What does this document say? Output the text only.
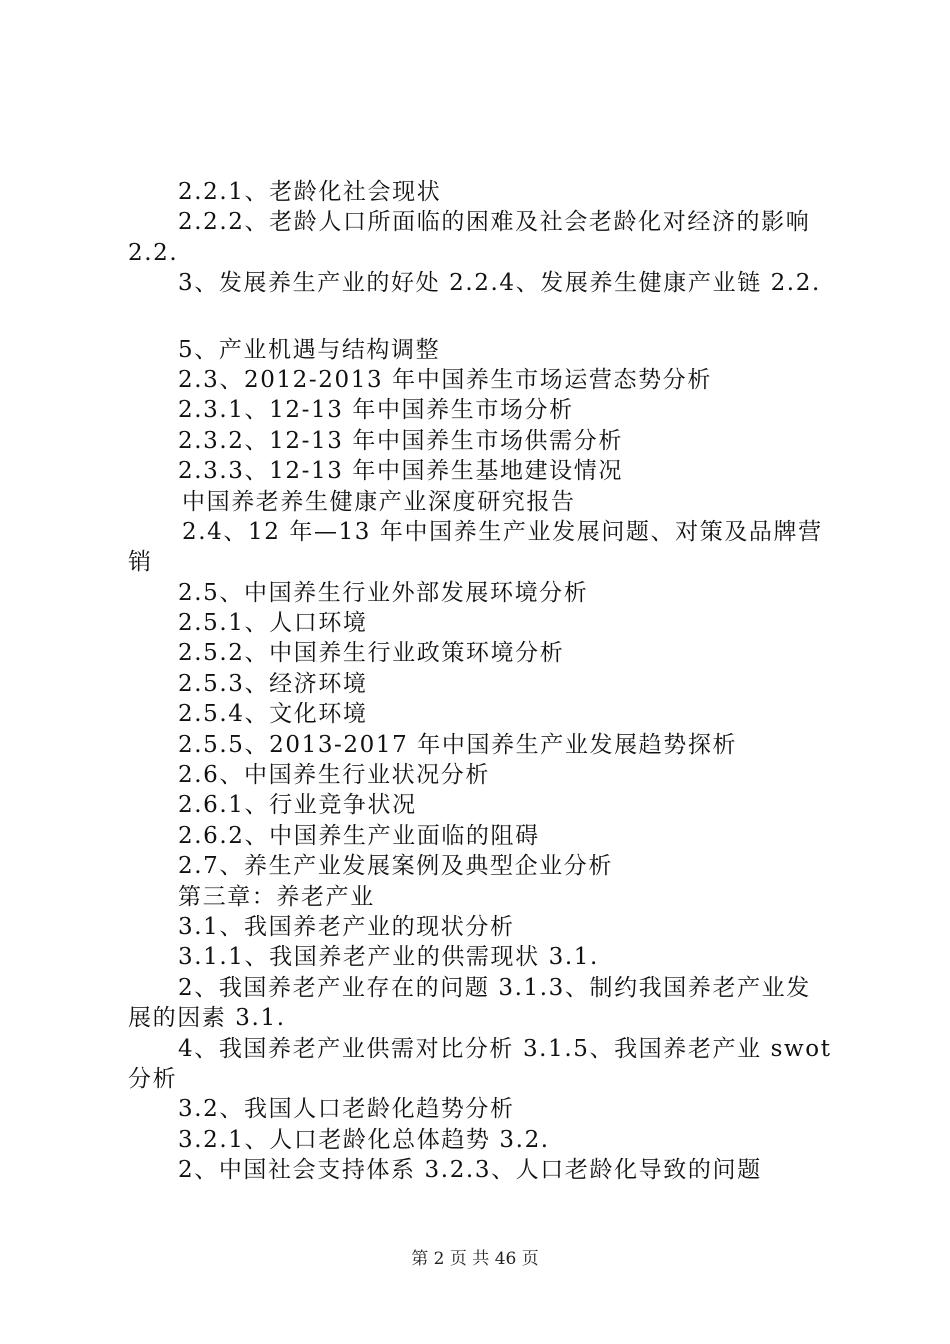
2.2.1、老龄化社会现状
2.2.2、老龄人口所面临的困难及社会老龄化对经济的影响
2.2.
3、发展养生产业的好处 2.2.4、发展养生健康产业链 2.2.
5、产业机遇与结构调整
2.3、2012-2013 年中国养生市场运营态势分析
2.3.1、12-13 年中国养生市场分析
2.3.2、12-13 年中国养生市场供需分析
2.3.3、12-13 年中国养生基地建设情况
中国养老养生健康产业深度研究报告
2.4、12 年—13 年中国养生产业发展问题、对策及品牌营
销
2.5、中国养生行业外部发展环境分析
2.5.1、人口环境
2.5.2、中国养生行业政策环境分析
2.5.3、经济环境
2.5.4、文化环境
2.5.5、2013-2017 年中国养生产业发展趋势探析
2.6、中国养生行业状况分析
2.6.1、行业竞争状况
2.6.2、中国养生产业面临的阻碍
2.7、养生产业发展案例及典型企业分析
第三章：养老产业
3.1、我国养老产业的现状分析
3.1.1、我国养老产业的供需现状 3.1.
2、我国养老产业存在的问题 3.1.3、制约我国养老产业发
展的因素 3.1.
4、我国养老产业供需对比分析 3.1.5、我国养老产业 swot
分析
3.2、我国人口老龄化趋势分析
3.2.1、人口老龄化总体趋势 3.2.
2、中国社会支持体系 3.2.3、人口老龄化导致的问题
第 2 页 共 46 页
